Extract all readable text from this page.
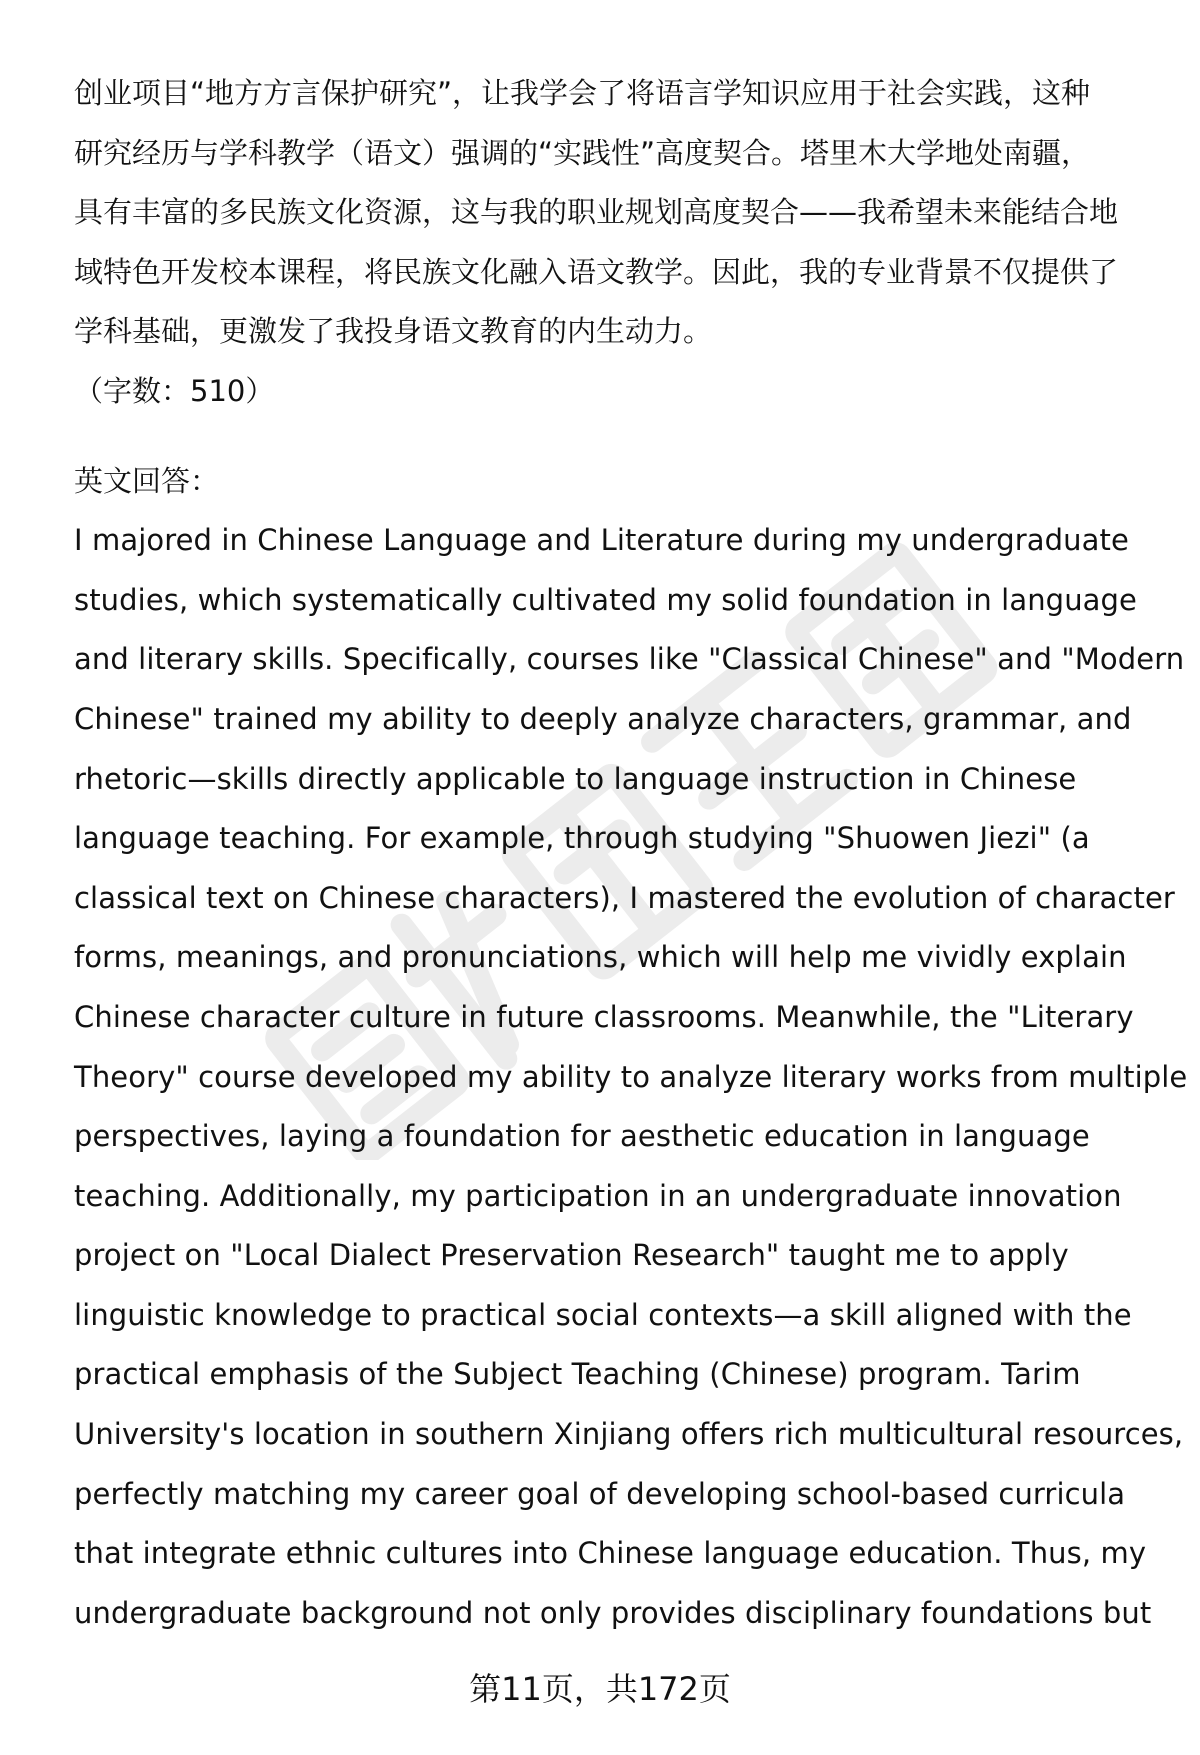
创业项目“地方方言保护研究”，让我学会了将语言学知识应用于社会实践，这种
研究经历与学科教学（语文）强调的“实践性”高度契合。塔里木大学地处南疆，
具有丰富的多民族文化资源，这与我的职业规划高度契合——我希望未来能结合地
域特色开发校本课程，将民族文化融入语文教学。因此，我的专业背景不仅提供了
学科基础，更激发了我投身语文教育的内生动力。
（字数：510）
英文回答：
I majored in Chinese Language and Literature during my undergraduate
studies, which systematically cultivated my solid foundation in language
and literary skills. Specifically, courses like "Classical Chinese" and "Modern
Chinese" trained my ability to deeply analyze characters, grammar, and
rhetoric—skills directly applicable to language instruction in Chinese
language teaching. For example, through studying "Shuowen Jiezi" (a
classical text on Chinese characters), I mastered the evolution of character
forms, meanings, and pronunciations, which will help me vividly explain
Chinese character culture in future classrooms. Meanwhile, the "Literary
Theory" course developed my ability to analyze literary works from multiple
perspectives, laying a foundation for aesthetic education in language
teaching. Additionally, my participation in an undergraduate innovation
project on "Local Dialect Preservation Research" taught me to apply
linguistic knowledge to practical social contexts—a skill aligned with the
practical emphasis of the Subject Teaching (Chinese) program. Tarim
University's location in southern Xinjiang offers rich multicultural resources,
perfectly matching my career goal of developing school-based curricula
that integrate ethnic cultures into Chinese language education. Thus, my
undergraduate background not only provides disciplinary foundations but
第11页，共172页
